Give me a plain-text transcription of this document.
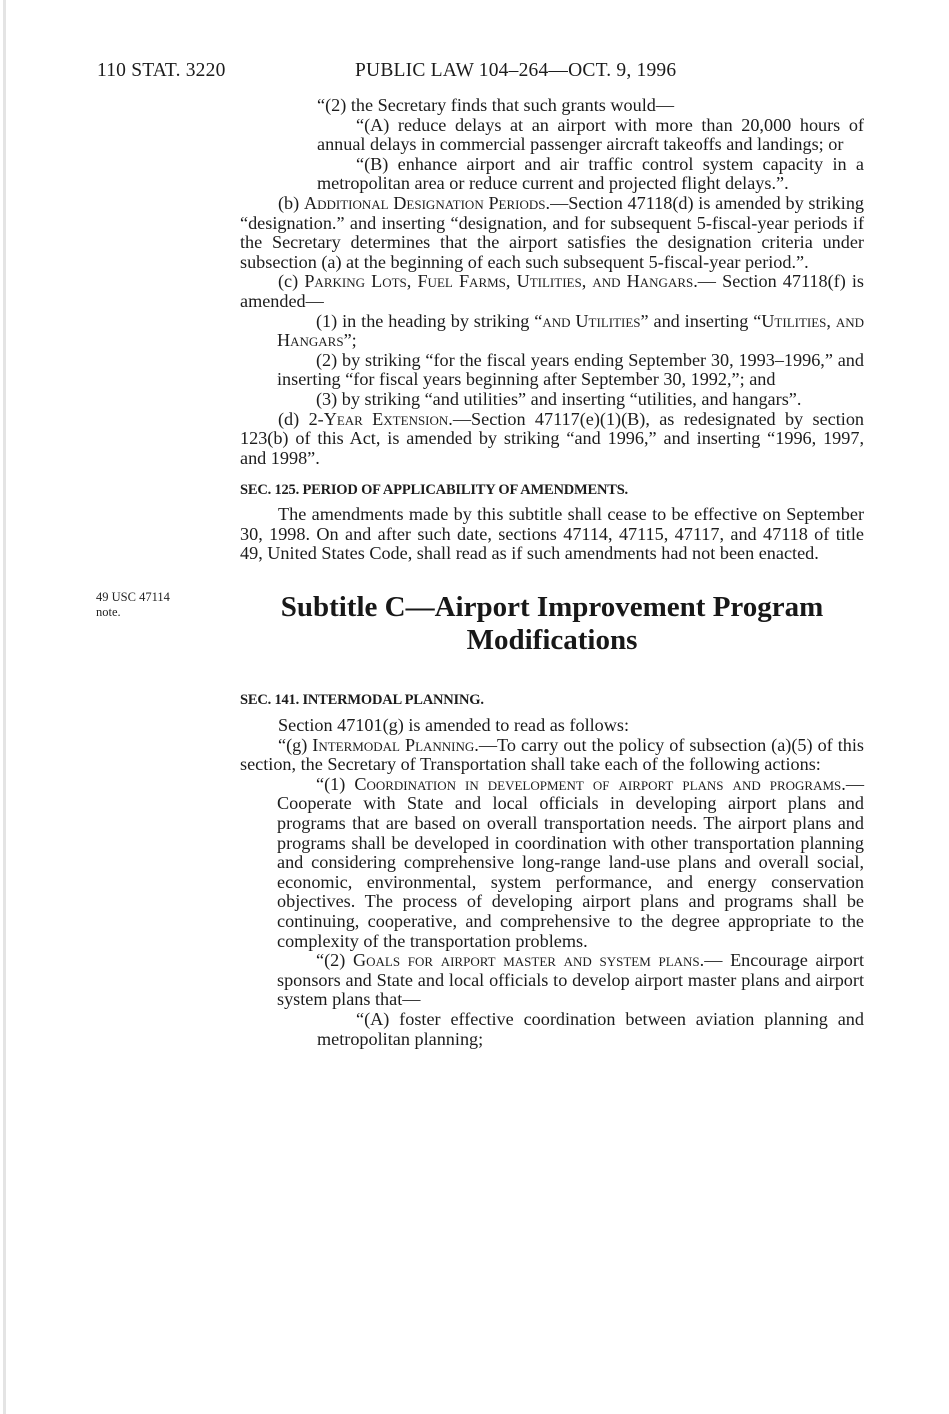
110 STAT. 3220	PUBLIC LAW 104–264—OCT. 9, 1996
49 USC 47114
note.

“(2) the Secretary finds that such grants would—

“(A) reduce delays at an airport with more than 20,000 hours of annual delays in commercial passenger aircraft takeoffs and landings; or

“(B) enhance airport and air traffic control system capacity in a metropolitan area or reduce current and projected flight delays.”.

(b) Additional Designation Periods.—Section 47118(d) is amended by striking “designation.” and inserting “designation, and for subsequent 5-fiscal-year periods if the Secretary determines that the airport satisfies the designation criteria under subsection (a) at the beginning of each such subsequent 5-fiscal-year period.”.

(c) Parking Lots, Fuel Farms, Utilities, and Hangars.— Section 47118(f) is amended—

(1) in the heading by striking “and Utilities” and inserting “Utilities, and Hangars”;

(2) by striking “for the fiscal years ending September 30, 1993–1996,” and inserting “for fiscal years beginning after September 30, 1992,”; and

(3) by striking “and utilities” and inserting “utilities, and hangars”.

(d) 2-Year Extension.—Section 47117(e)(1)(B), as redesignated by section 123(b) of this Act, is amended by striking “and 1996,” and inserting “1996, 1997, and 1998”.

SEC. 125. PERIOD OF APPLICABILITY OF AMENDMENTS.

The amendments made by this subtitle shall cease to be effective on September 30, 1998. On and after such date, sections 47114, 47115, 47117, and 47118 of title 49, United States Code, shall read as if such amendments had not been enacted.

Subtitle C—Airport Improvement Program
Modifications

SEC. 141. INTERMODAL PLANNING.

Section 47101(g) is amended to read as follows:

“(g) Intermodal Planning.—To carry out the policy of subsection (a)(5) of this section, the Secretary of Transportation shall take each of the following actions:

“(1) Coordination in development of airport plans and programs.—Cooperate with State and local officials in developing airport plans and programs that are based on overall transportation needs. The airport plans and programs shall be developed in coordination with other transportation planning and considering comprehensive long-range land-use plans and overall social, economic, environmental, system performance, and energy conservation objectives. The process of developing airport plans and programs shall be continuing, cooperative, and comprehensive to the degree appropriate to the complexity of the transportation problems.

“(2) Goals for airport master and system plans.— Encourage airport sponsors and State and local officials to develop airport master plans and airport system plans that—

“(A) foster effective coordination between aviation planning and metropolitan planning;
